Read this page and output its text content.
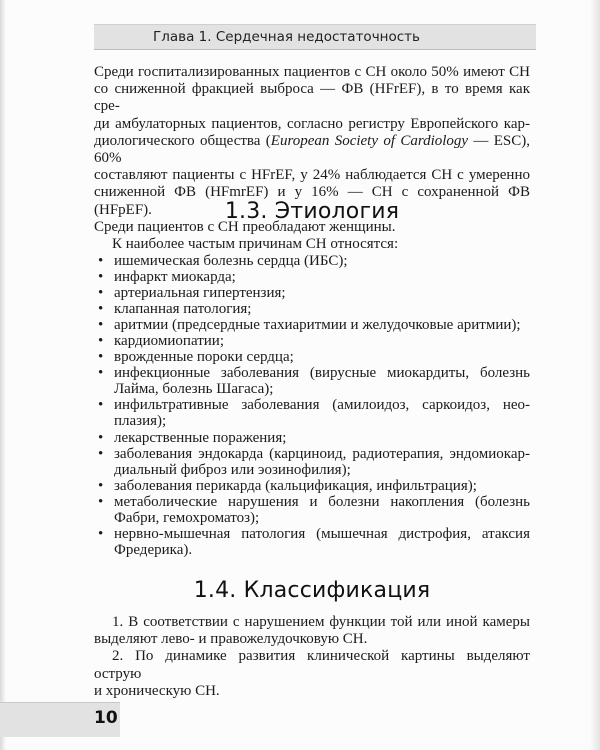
Глава 1. Сердечная недостаточность

Среди госпитализированных пациентов с СН около 50% имеют СН

со сниженной фракцией выброса — ФВ (HFrEF), в то время как сре-

ди амбулаторных пациентов, согласно регистру Европейского кар-

диологического общества (European Society of Cardiology — ESC), 60%

составляют пациенты с HFrEF, у 24% наблюдается СН с умеренно

сниженной ФВ (HFmrEF) и у 16% — СН с сохраненной ФВ (HFpEF).

Среди пациентов с СН преобладают женщины.

1.3. Этиология

К наиболее частым причинам СН относятся:

• ишемическая болезнь сердца (ИБС);
• инфаркт миокарда;
• артериальная гипертензия;
• клапанная патология;
• аритмии (предсердные тахиаритмии и желудочковые аритмии);
• кардиомиопатии;
• врожденные пороки сердца;
• инфекционные заболевания (вирусные миокардиты, болезнь
Лайма, болезнь Шагаса);
• инфильтративные заболевания (амилоидоз, саркоидоз, нео-
плазия);
• лекарственные поражения;
• заболевания эндокарда (карциноид, радиотерапия, эндомиокар-
диальный фиброз или эозинофилия);
• заболевания перикарда (кальцификация, инфильтрация);
• метаболические нарушения и болезни накопления (болезнь
Фабри, гемохроматоз);
• нервно-мышечная патология (мышечная дистрофия, атаксия
Фредерика).
1.4. Классификация

1. В соответствии с нарушением функции той или иной камеры

выделяют лево- и правожелудочковую СН.

2. По динамике развития клинической картины выделяют острую

и хроническую СН.

10
